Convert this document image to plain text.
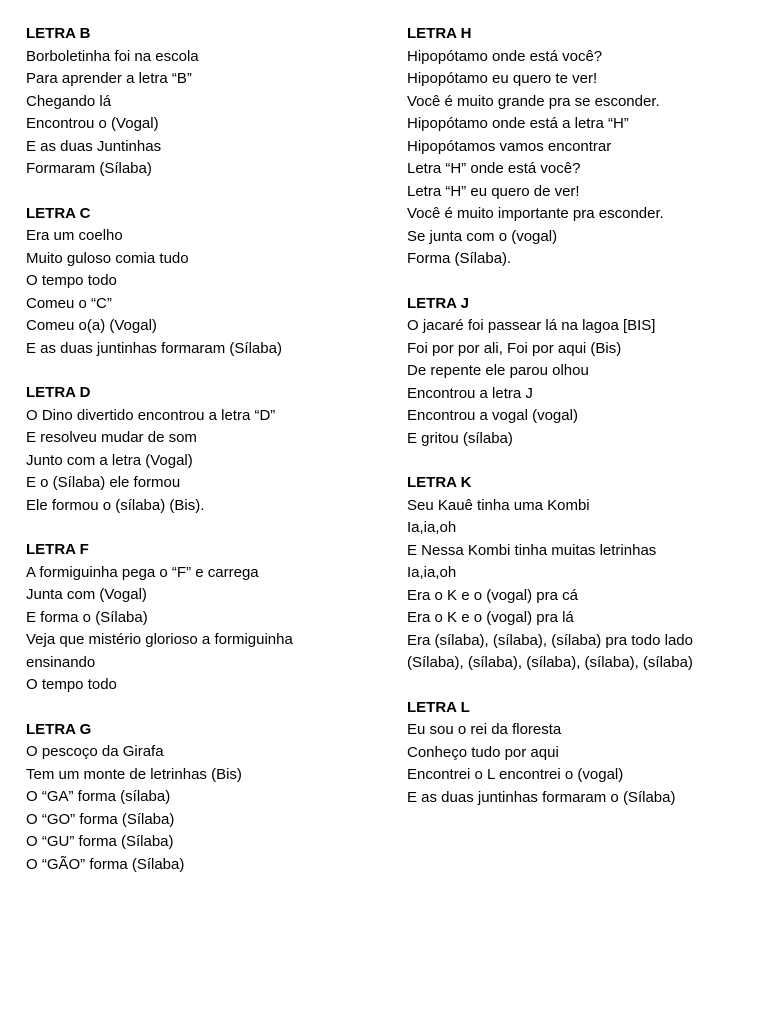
LETRA B
Borboletinha foi na escola
Para aprender a letra “B”
Chegando lá
Encontrou o (Vogal)
E as duas Juntinhas
Formaram (Sílaba)
LETRA C
Era um coelho
Muito guloso comia tudo
O tempo todo
Comeu o “C”
Comeu o(a) (Vogal)
E as duas juntinhas formaram (Sílaba)
LETRA D
O Dino divertido encontrou a letra “D”
E resolveu mudar de som
Junto com a letra (Vogal)
E o (Sílaba) ele formou
Ele formou o (sílaba) (Bis).
LETRA F
A formiguinha pega o “F” e carrega
Junta com (Vogal)
E forma o (Sílaba)
Veja que mistério glorioso a formiguinha
ensinando
O tempo todo
LETRA G
O pescoço da Girafa
Tem um monte de letrinhas (Bis)
O “GA” forma (sílaba)
O “GO” forma (Sílaba)
O “GU” forma (Sílaba)
O “GÃO” forma (Sílaba)
LETRA H
Hipopótamo onde está você?
Hipopótamo eu quero te ver!
Você é muito grande pra se esconder.
Hipopótamo onde está a letra “H”
Hipopótamos vamos encontrar
Letra “H” onde está você?
Letra “H” eu quero de ver!
Você é muito importante pra esconder.
Se junta com o (vogal)
Forma (Sílaba).
LETRA J
O jacaré foi passear lá na lagoa [BIS]
Foi por por ali, Foi por aqui (Bis)
De repente ele parou olhou
Encontrou a letra J
Encontrou a vogal (vogal)
E gritou (sílaba)
LETRA K
Seu Kauê tinha uma Kombi
Ia,ia,oh
E Nessa Kombi tinha muitas letrinhas
Ia,ia,oh
Era o K e o (vogal) pra cá
Era o K e o (vogal) pra lá
Era (sílaba), (sílaba), (sílaba) pra todo lado
(Sílaba), (sílaba), (sílaba), (sílaba), (sílaba)
LETRA L
Eu sou o rei da floresta
Conheço tudo por aqui
Encontrei o L encontrei o (vogal)
E as duas juntinhas formaram o (Sílaba)
